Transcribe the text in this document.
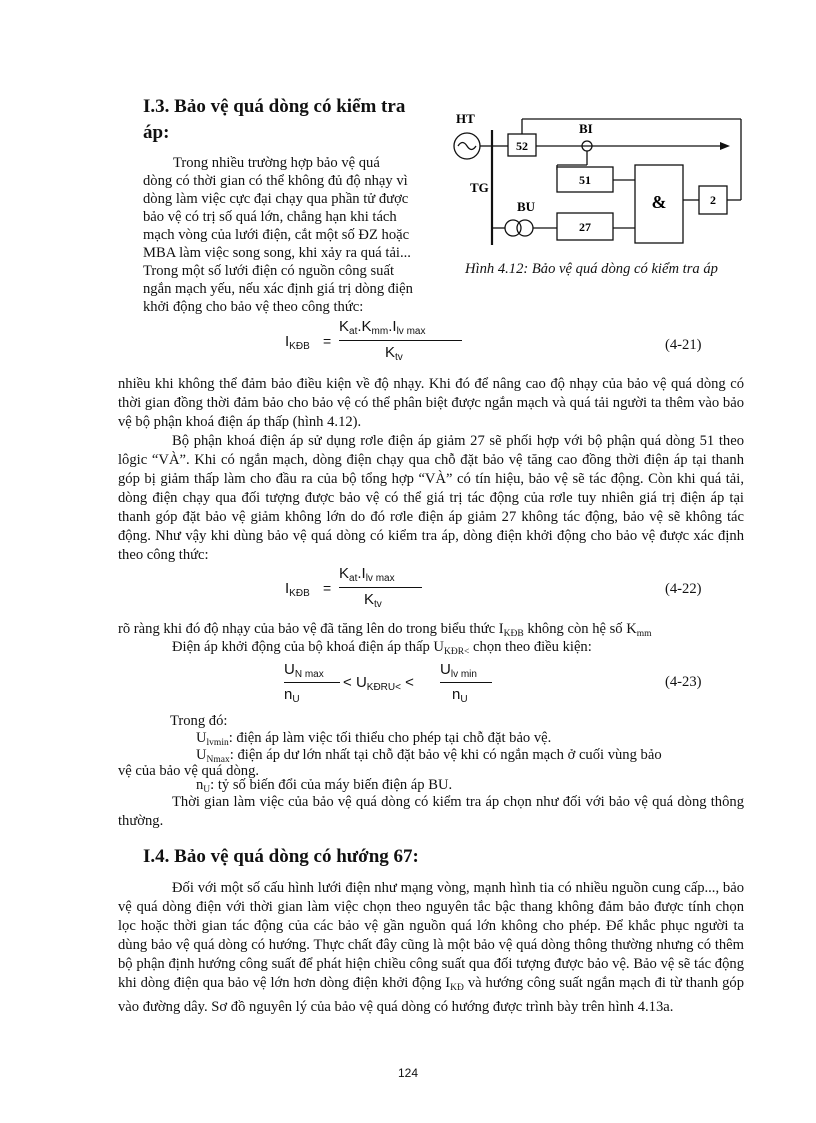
I.3. Bảo vệ quá dòng có kiểm tra
áp:
Trong nhiều trường hợp bảo vệ quá
dòng có thời gian có thể không đủ độ nhạy vì
dòng làm việc cực đại chạy qua phần tử được
bảo vệ có trị số quá lớn, chẳng hạn khi tách
mạch vòng của lưới điện, cắt một số ĐZ hoặc
MBA làm việc song song, khi xảy ra quá tải...
Trong một số lưới điện có nguồn công suất
ngắn mạch yếu, nếu xác định giá trị dòng điện
khởi động cho bảo vệ theo công thức:
HT
TG
BI
BU
52
51
27
&	2
Hình 4.12: Bảo vệ quá dòng có kiểm tra áp
$I_{KĐB}$ =
$K_{at}.K_{mm}.I_{lv max}$
$K_{tv}$
(4-21)
nhiều khi không thể đảm bảo điều kiện về độ nhạy. Khi đó để nâng cao độ nhạy của bảo vệ quá dòng có thời gian đồng thời đảm bảo cho bảo vệ có thể phân biệt được ngắn mạch và quá tải người ta thêm vào bảo vệ bộ phận khoá điện áp thấp (hình 4.12).
Bộ phận khoá điện áp sử dụng rơle điện áp giảm 27 sẽ phối hợp với bộ phận quá dòng 51 theo lôgic “VÀ”. Khi có ngắn mạch, dòng điện chạy qua chỗ đặt bảo vệ tăng cao đồng thời điện áp tại thanh góp bị giảm thấp làm cho đầu ra của bộ tổng hợp “VÀ” có tín hiệu, bảo vệ sẽ tác động. Còn khi quá tải, dòng điện chạy qua đối tượng được bảo vệ có thể giá trị tác động của rơle tuy nhiên giá trị điện áp tại thanh góp đặt bảo vệ giảm không lớn do đó rơle điện áp giảm 27 không tác động, bảo vệ sẽ không tác động. Như vậy khi dùng bảo vệ quá dòng có kiểm tra áp, dòng điện khởi động cho bảo vệ được xác định theo công thức:
$I_{KĐB}$ =
$K_{at}.I_{lv max}$
$K_{tv}$
(4-22)
rõ ràng khi đó độ nhạy của bảo vệ đã tăng lên do trong biểu thức $I_{KĐB}$ không còn hệ số $K_{mm}$
Điện áp khởi động của bộ khoá điện áp thấp $U_{KĐR<}$ chọn theo điều kiện:
$U_{N max}$
$n_U$
< $U_{KĐRU<}$ <
$U_{lv min}$
$n_U$
(4-23)
Trong đó:
$U_{lvmin}$: điện áp làm việc tối thiểu cho phép tại chỗ đặt bảo vệ.
$U_{Nmax}$: điện áp dư lớn nhất tại chỗ đặt bảo vệ khi có ngắn mạch ở cuối vùng bảo
vệ của bảo vệ quá dòng.
$n_U$: tỷ số biến đổi của máy biến điện áp BU.
Thời gian làm việc của bảo vệ quá dòng có kiểm tra áp chọn như đối với bảo vệ quá dòng thông thường.
I.4. Bảo vệ quá dòng có hướng 67:
Đối với một số cấu hình lưới điện như mạng vòng, mạnh hình tia có nhiều nguồn cung cấp..., bảo vệ quá dòng điện với thời gian làm việc chọn theo nguyên tắc bậc thang không đảm bảo được tính chọn lọc hoặc thời gian tác động của các bảo vệ gần nguồn quá lớn không cho phép. Để khắc phục người ta dùng bảo vệ quá dòng có hướng. Thực chất đây cũng là một bảo vệ quá dòng thông thường nhưng có thêm bộ phận định hướng công suất để phát hiện chiều công suất qua đối tượng được bảo vệ. Bảo vệ sẽ tác động khi dòng điện qua bảo vệ lớn hơn dòng điện khởi động $I_{KĐ}$ và hướng công suất ngắn mạch đi từ thanh góp vào đường dây. Sơ đồ nguyên lý của bảo vệ quá dòng có hướng được trình bày trên hình 4.13a.
124
